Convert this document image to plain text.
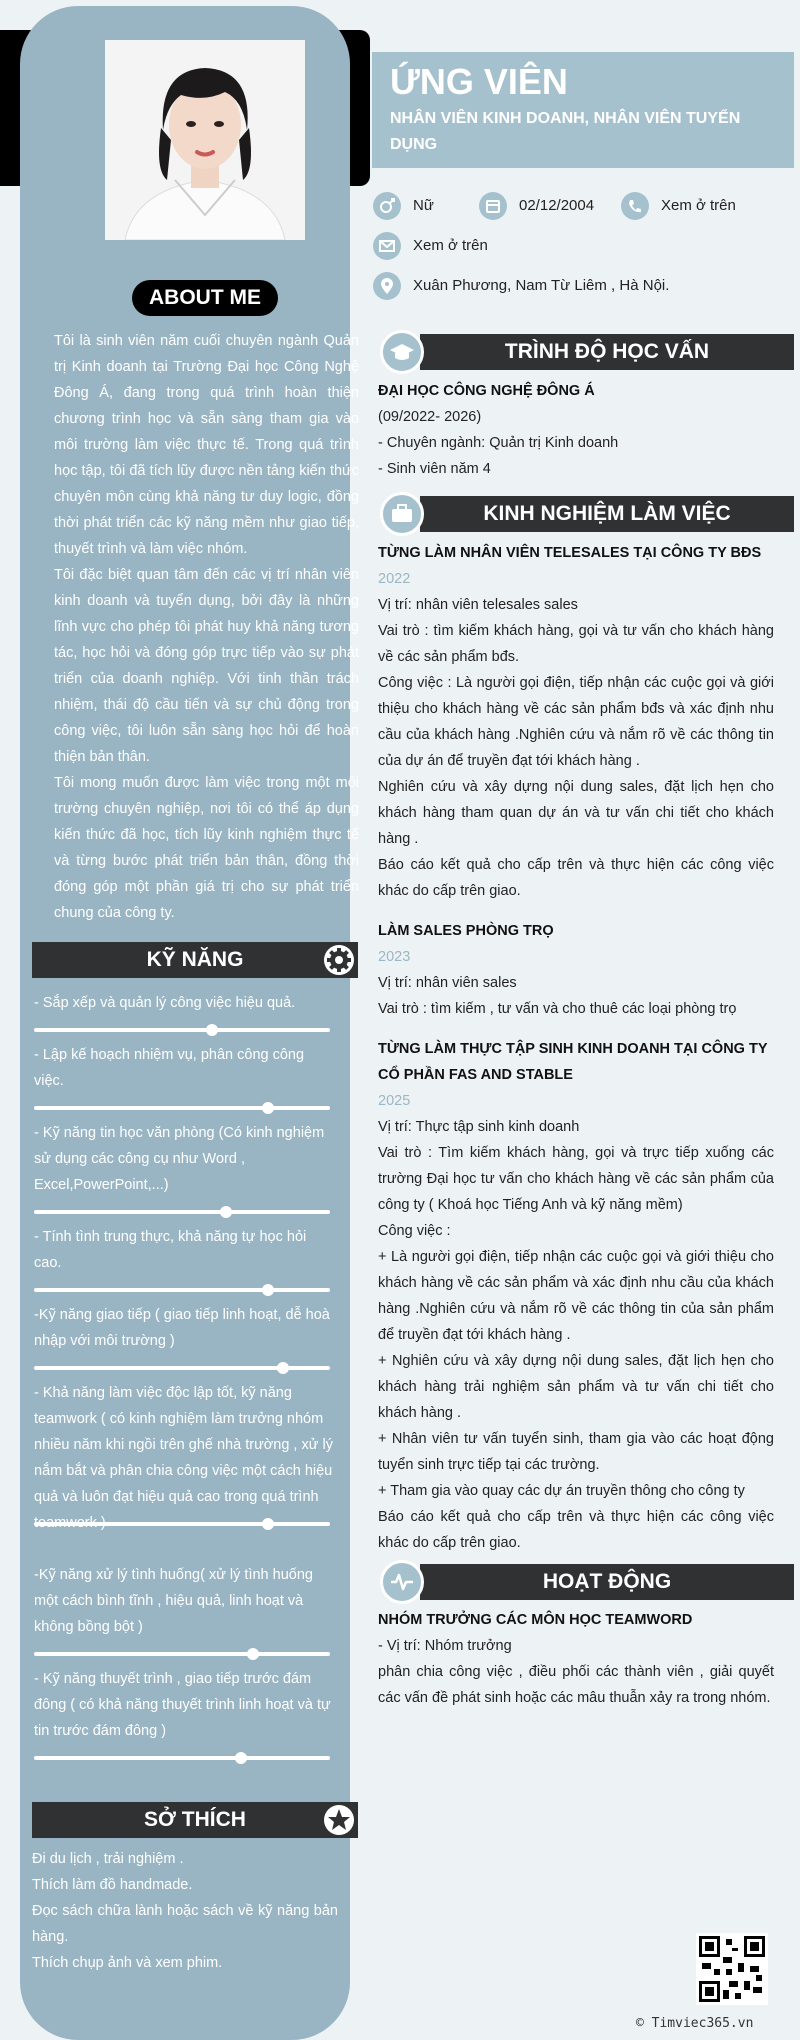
ABOUT ME

Tôi là sinh viên năm cuối chuyên ngành Quản trị Kinh doanh tại Trường Đại học Công Nghệ Đông Á, đang trong quá trình hoàn thiện chương trình học và sẵn sàng tham gia vào môi trường làm việc thực tế. Trong quá trình học tập, tôi đã tích lũy được nền tảng kiến thức chuyên môn cùng khả năng tư duy logic, đồng thời phát triển các kỹ năng mềm như giao tiếp, thuyết trình và làm việc nhóm.

Tôi đặc biệt quan tâm đến các vị trí nhân viên kinh doanh và tuyển dụng, bởi đây là những lĩnh vực cho phép tôi phát huy khả năng tương tác, học hỏi và đóng góp trực tiếp vào sự phát triển của doanh nghiệp. Với tinh thần trách nhiệm, thái độ cầu tiến và sự chủ động trong công việc, tôi luôn sẵn sàng học hỏi để hoàn thiện bản thân.

Tôi mong muốn được làm việc trong một môi trường chuyên nghiệp, nơi tôi có thể áp dụng kiến thức đã học, tích lũy kinh nghiệm thực tế và từng bước phát triển bản thân, đồng thời đóng góp một phần giá trị cho sự phát triển chung của công ty.

KỸ NĂNG
- Sắp xếp và quản lý công việc hiệu quả.
- Lập kế hoạch nhiệm vụ, phân công công việc.
- Kỹ năng tin học văn phòng (Có kinh nghiệm sử dụng các công cụ như Word , Excel,PowerPoint,...)
- Tính tình trung thực, khả năng tự học hỏi cao.
-Kỹ năng giao tiếp ( giao tiếp linh hoạt, dễ hoà nhập với môi trường )
- Khả năng làm việc độc lập tốt, kỹ năng teamwork ( có kinh nghiệm làm trưởng nhóm nhiều năm khi ngồi trên ghế nhà trường , xử lý nắm bắt và phân chia công việc một cách hiệu quả và luôn đạt hiệu quả cao trong quá trình
-Kỹ năng xử lý tình huống( xử lý tình huống một cách bình tĩnh , hiệu quả, linh hoạt và không bồng bột )
- Kỹ năng thuyết trình , giao tiếp trước đám đông ( có khả năng thuyết trình linh hoạt và tự tin trước đám đông )
SỞ THÍCH

Đi du lịch , trải nghiệm .

Thích làm đồ handmade.

Đọc sách chữa lành hoặc sách về kỹ năng bản hàng.

Thích chụp ảnh và xem phim.

ỨNG VIÊN
NHÂN VIÊN KINH DOANH, NHÂN VIÊN TUYỂN DỤNG
Nữ	02/12/2004	Xem ở trên
Xem ở trên
Xuân Phương, Nam Từ Liêm , Hà Nội.
TRÌNH ĐỘ HỌC VẤN
ĐẠI HỌC CÔNG NGHỆ ĐÔNG Á

(09/2022- 2026)

- Chuyên ngành: Quản trị Kinh doanh

- Sinh viên năm 4

KINH NGHIỆM LÀM VIỆC
TỪNG LÀM NHÂN VIÊN TELESALES TẠI CÔNG TY BĐS
2022

Vị trí: nhân viên telesales sales

Vai trò : tìm kiếm khách hàng, gọi và tư vấn cho khách hàng về các sản phẩm bđs.

Công việc : Là người gọi điện, tiếp nhận các cuộc gọi và giới thiệu cho khách hàng về các sản phẩm bđs và xác định nhu cầu của khách hàng .Nghiên cứu và nắm rõ về các thông tin của dự án để truyền đạt tới khách hàng .

Nghiên cứu và xây dựng nội dung sales, đặt lịch hẹn cho khách hàng tham quan dự án và tư vấn chi tiết cho khách hàng .

Báo cáo kết quả cho cấp trên và thực hiện các công việc khác do cấp trên giao.

LÀM SALES PHÒNG TRỌ
2023

Vị trí: nhân viên sales

Vai trò : tìm kiếm , tư vấn và cho thuê các loại phòng trọ

TỪNG LÀM THỰC TẬP SINH KINH DOANH TẠI CÔNG TY CỔ PHẦN FAS AND STABLE
2025

Vị trí: Thực tập sinh kinh doanh

Vai trò : Tìm kiếm khách hàng, gọi và trực tiếp xuống các trường Đại học tư vấn cho khách hàng về các sản phẩm của công ty ( Khoá học Tiếng Anh và kỹ năng mềm)

Công việc :

+ Là người gọi điện, tiếp nhận các cuộc gọi và giới thiệu cho khách hàng về các sản phẩm và xác định nhu cầu của khách hàng .Nghiên cứu và nắm rõ về các thông tin của sản phẩm để truyền đạt tới khách hàng .

+ Nghiên cứu và xây dựng nội dung sales, đặt lịch hẹn cho khách hàng trải nghiệm sản phẩm và tư vấn chi tiết cho khách hàng .

+ Nhân viên tư vấn tuyển sinh, tham gia vào các hoạt động tuyển sinh trực tiếp tại các trường.

+ Tham gia vào quay các dự án truyền thông cho công ty

Báo cáo kết quả cho cấp trên và thực hiện các công việc khác do cấp trên giao.

HOẠT ĐỘNG
NHÓM TRƯỞNG CÁC MÔN HỌC TEAMWORD

- Vị trí: Nhóm trưởng

phân chia công việc , điều phối các thành viên , giải quyết các vấn đề phát sinh hoặc các mâu thuẫn xảy ra trong nhóm.

© Timviec365.vn
